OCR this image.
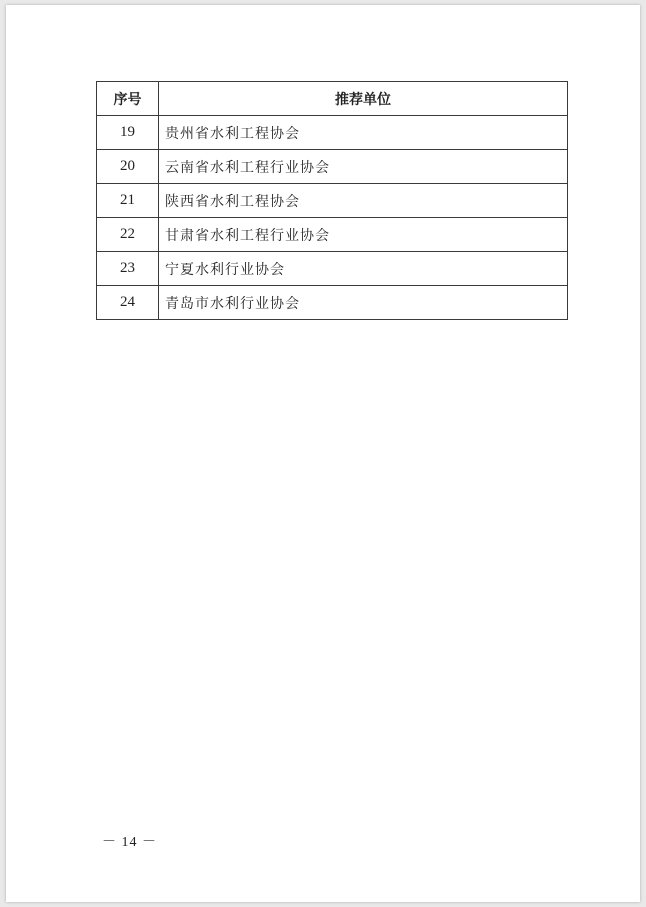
序号	推荐单位
19	贵州省水利工程协会
20	云南省水利工程行业协会
21	陕西省水利工程协会
22	甘肃省水利工程行业协会
23	宁夏水利行业协会
24	青岛市水利行业协会
－ 14 －
